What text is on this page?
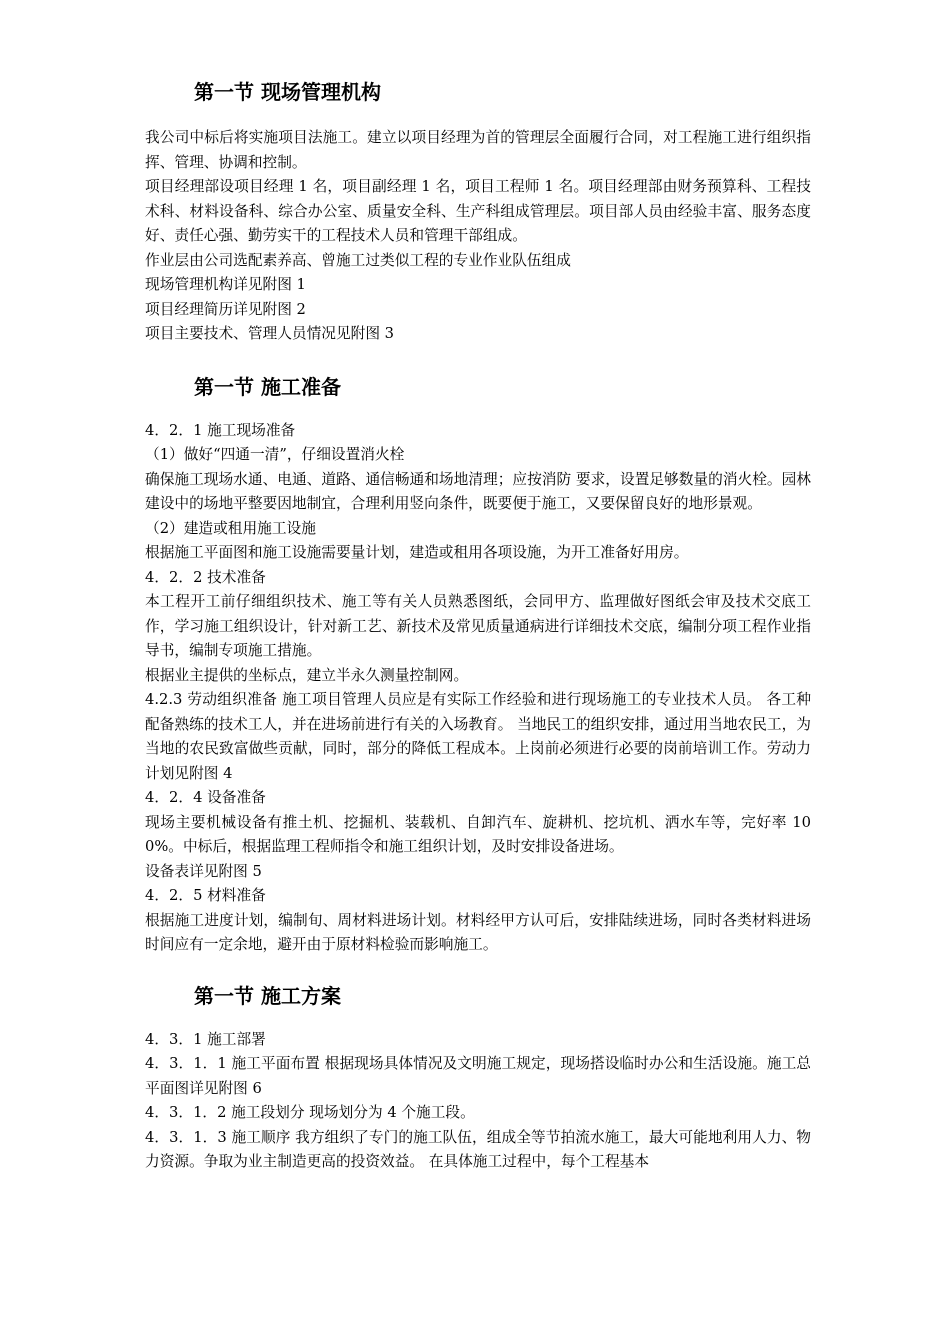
第一节 现场管理机构

我公司中标后将实施项目法施工。建立以项目经理为首的管理层全面履行合同，对工程施工进行组织指挥、管理、协调和控制。

项目经理部设项目经理 1 名，项目副经理 1 名，项目工程师 1 名。项目经理部由财务预算科、工程技术科、材料设备科、综合办公室、质量安全科、生产科组成管理层。项目部人员由经验丰富、服务态度好、责任心强、勤劳实干的工程技术人员和管理干部组成。

作业层由公司选配素养高、曾施工过类似工程的专业作业队伍组成

现场管理机构详见附图 1

项目经理简历详见附图 2

项目主要技术、管理人员情况见附图 3

第一节 施工准备

4．2．1 施工现场准备

（1）做好“四通一清”，仔细设置消火栓

确保施工现场水通、电通、道路、通信畅通和场地清理；应按消防 要求，设置足够数量的消火栓。园林建设中的场地平整要因地制宜，合理利用竖向条件，既要便于施工，又要保留良好的地形景观。

（2）建造或租用施工设施

根据施工平面图和施工设施需要量计划，建造或租用各项设施，为开工准备好用房。

4．2．2 技术准备

本工程开工前仔细组织技术、施工等有关人员熟悉图纸，会同甲方、监理做好图纸会审及技术交底工作，学习施工组织设计，针对新工艺、新技术及常见质量通病进行详细技术交底，编制分项工程作业指导书，编制专项施工措施。

根据业主提供的坐标点，建立半永久测量控制网。

4.2.3 劳动组织准备 施工项目管理人员应是有实际工作经验和进行现场施工的专业技术人员。 各工种配备熟练的技术工人，并在进场前进行有关的入场教育。 当地民工的组织安排，通过用当地农民工，为当地的农民致富做些贡献，同时，部分的降低工程成本。上岗前必须进行必要的岗前培训工作。劳动力计划见附图 4

4．2．4 设备准备

现场主要机械设备有推土机、挖掘机、装载机、自卸汽车、旋耕机、挖坑机、洒水车等，完好率 100%。中标后，根据监理工程师指令和施工组织计划，及时安排设备进场。

设备表详见附图 5

4．2．5 材料准备

根据施工进度计划，编制旬、周材料进场计划。材料经甲方认可后，安排陆续进场，同时各类材料进场时间应有一定余地，避开由于原材料检验而影响施工。

第一节 施工方案

4．3．1 施工部署

4．3．1．1 施工平面布置 根据现场具体情况及文明施工规定，现场搭设临时办公和生活设施。施工总平面图详见附图 6

4．3．1．2 施工段划分 现场划分为 4 个施工段。

4．3．1．3 施工顺序 我方组织了专门的施工队伍，组成全等节拍流水施工，最大可能地利用人力、物力资源。争取为业主制造更高的投资效益。 在具体施工过程中，每个工程基本
